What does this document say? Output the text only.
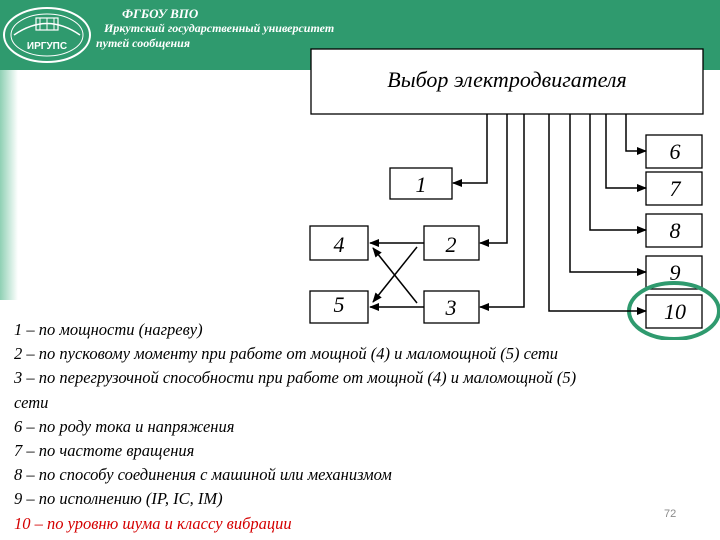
ИРГУПС
ФГБОУ ВПО
Иркутский государственный университет
путей сообщения
Выбор электродвигателя
1
2
3
4
5
6
7
8
9
10
1 – по мощности (нагреву)
2 – по пусковому моменту при работе от мощной (4) и маломощной (5) сети
3 – по перегрузочной способности при работе от мощной (4) и маломощной (5)
сети
6 – по роду тока и напряжения
7 – по частоте вращения
8 – по способу соединения с машиной или механизмом
9 – по исполнению (IP, IC, IM)
10 – по уровню шума и классу вибрации	72
